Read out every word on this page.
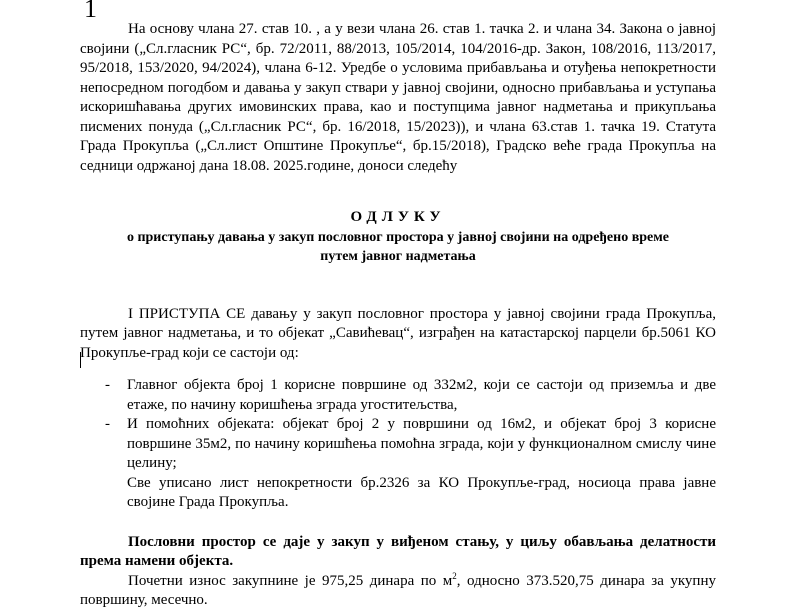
1

На основу члана 27. став 10. , а у вези члана 26. став 1. тачка 2. и члана 34. Закона о јавној својини („Сл.гласник РС“, бр. 72/2011, 88/2013, 105/2014, 104/2016-др. Закон, 108/2016, 113/2017, 95/2018, 153/2020, 94/2024), члана 6-12. Уредбе о условима прибављања и отуђења непокретности непосредном погодбом и давања у закуп ствари у јавној својини, односно прибављања и уступања искоришћавања других имовинских права, као и поступцима јавног надметања и прикупљања писмених понуда („Сл.гласник РС“, бр. 16/2018, 15/2023)), и члана 63.став 1. тачка 19. Статута Града Прокупља („Сл.лист Општине Прокупље“, бр.15/2018), Градско веће града Прокупља на седници одржаној дана 18.08. 2025.године, доноси следећу

ОДЛУКУ
о приступању давања у закуп пословног простора у јавној својини на одређено време
путем јавног надметања

I ПРИСТУПА СЕ давању у закуп пословног простора у јавној својини града Прокупља, путем јавног надметања, и то објекат „Савићевац“, изграђен на катастарској парцели бр.5061 КО Прокупље-град који се састоји од:

- Главног објекта број 1 корисне површине од 332м2, који се састоји од приземља и две етаже, по начину коришћења зграда угоститељства,
- И помоћних објеката: објекат број 2 у површини од 16м2, и објекат број 3 корисне површине 35м2, по начину коришћења помоћна зграда, који у функционалном смислу чине целину;

Све уписано лист непокретности бр.2326 за КО Прокупље-град, носиоца права јавне својине Града Прокупља.

Пословни простор се даје у закуп у виђеном стању, у циљу обављања делатности према намени објекта.

Почетни износ закупнине је 975,25 динара по $м^2$, односно 373.520,75 динара за укупну површину, месечно.
